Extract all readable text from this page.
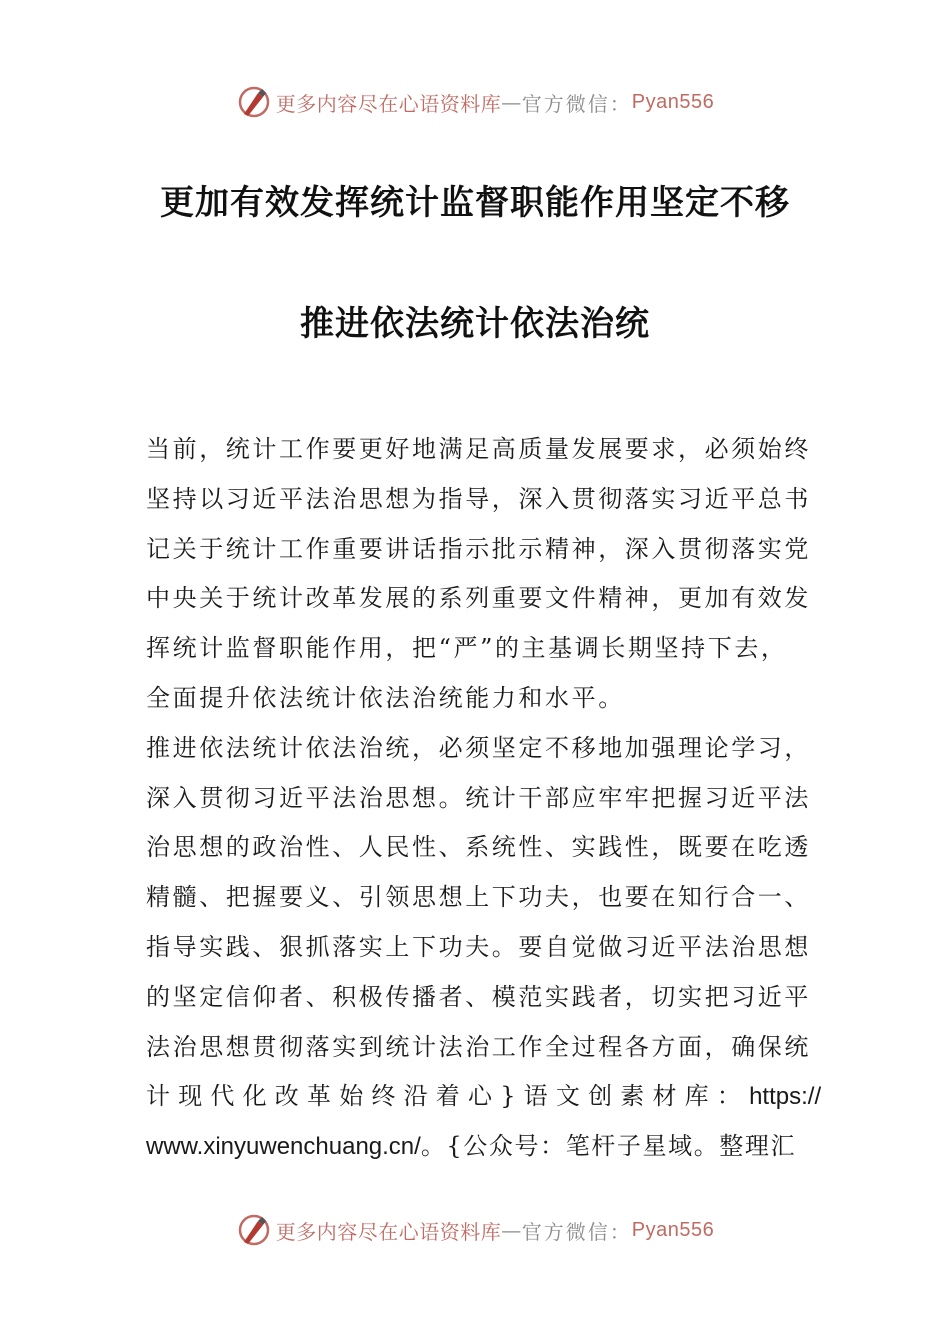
更多内容尽在心语资料库 — 官方微信： Pyan556
更加有效发挥统计监督职能作用坚定不移
推进依法统计依法治统
当前，统计工作要更好地满足高质量发展要求，必须始终
坚持以习近平法治思想为指导，深入贯彻落实习近平总书
记关于统计工作重要讲话指示批示精神，深入贯彻落实党
中央关于统计改革发展的系列重要文件精神，更加有效发
挥统计监督职能作用，把“严”的主基调长期坚持下去，
全面提升依法统计依法治统能力和水平。
推进依法统计依法治统，必须坚定不移地加强理论学习，
深入贯彻习近平法治思想。统计干部应牢牢把握习近平法
治思想的政治性、人民性、系统性、实践性，既要在吃透
精髓、把握要义、引领思想上下功夫，也要在知行合一、
指导实践、狠抓落实上下功夫。要自觉做习近平法治思想
的坚定信仰者、积极传播者、模范实践者，切实把习近平
法治思想贯彻落实到统计法治工作全过程各方面，确保统
计现代化改革始终沿着心}语文创素材库：https://
www.xinyuwenchuang.cn/。{公众号：笔杆子星域。整理汇
更多内容尽在心语资料库 — 官方微信： Pyan556
